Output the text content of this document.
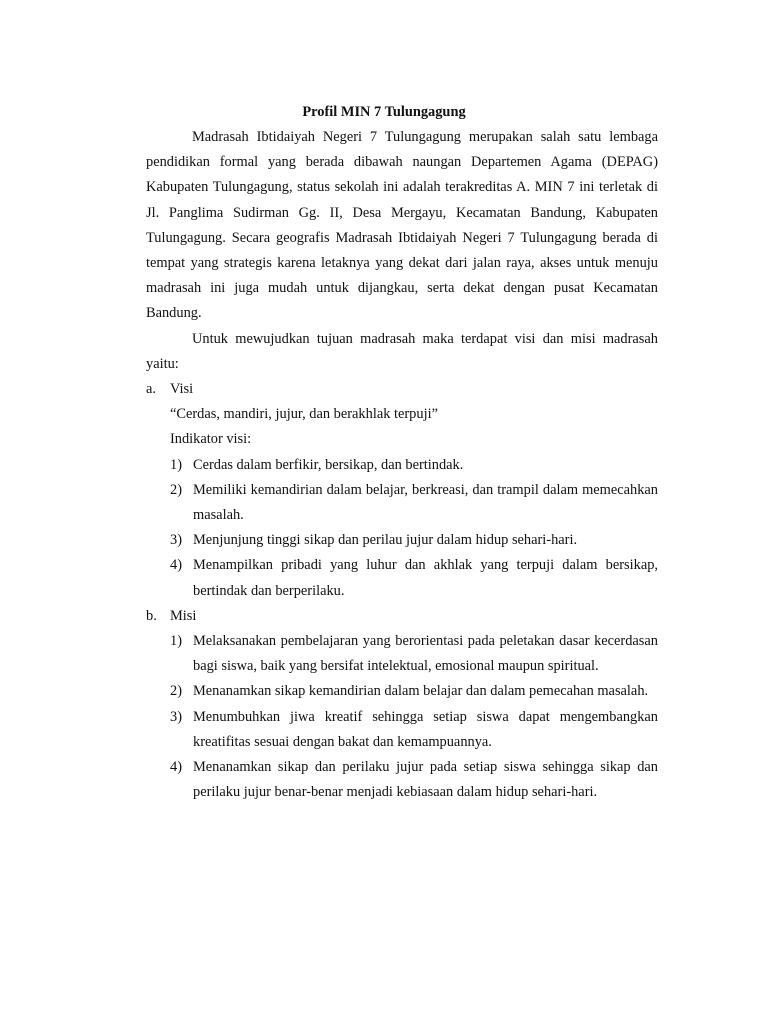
Profil MIN 7 Tulungagung

Madrasah Ibtidaiyah Negeri 7 Tulungagung merupakan salah satu lembaga pendidikan formal yang berada dibawah naungan Departemen Agama (DEPAG) Kabupaten Tulungagung, status sekolah ini adalah terakreditas A. MIN 7 ini terletak di Jl. Panglima Sudirman Gg. II, Desa Mergayu, Kecamatan Bandung, Kabupaten Tulungagung. Secara geografis Madrasah Ibtidaiyah Negeri 7 Tulungagung berada di tempat yang strategis karena letaknya yang dekat dari jalan raya, akses untuk menuju madrasah ini juga mudah untuk dijangkau, serta dekat dengan pusat Kecamatan Bandung.

Untuk mewujudkan tujuan madrasah maka terdapat visi dan misi madrasah yaitu:

a. Visi

“Cerdas, mandiri, jujur, dan berakhlak terpuji”

Indikator visi:

1) Cerdas dalam berfikir, bersikap, dan bertindak.
2) Memiliki kemandirian dalam belajar, berkreasi, dan trampil dalam memecahkan masalah.
3) Menjunjung tinggi sikap dan perilau jujur dalam hidup sehari-hari.
4) Menampilkan pribadi yang luhur dan akhlak yang terpuji dalam bersikap, bertindak dan berperilaku.
b. Misi
1) Melaksanakan pembelajaran yang berorientasi pada peletakan dasar kecerdasan bagi siswa, baik yang bersifat intelektual, emosional maupun spiritual.
2) Menanamkan sikap kemandirian dalam belajar dan dalam pemecahan masalah.
3) Menumbuhkan jiwa kreatif sehingga setiap siswa dapat mengembangkan kreatifitas sesuai dengan bakat dan kemampuannya.
4) Menanamkan sikap dan perilaku jujur pada setiap siswa sehingga sikap dan perilaku jujur benar-benar menjadi kebiasaan dalam hidup sehari-hari.
